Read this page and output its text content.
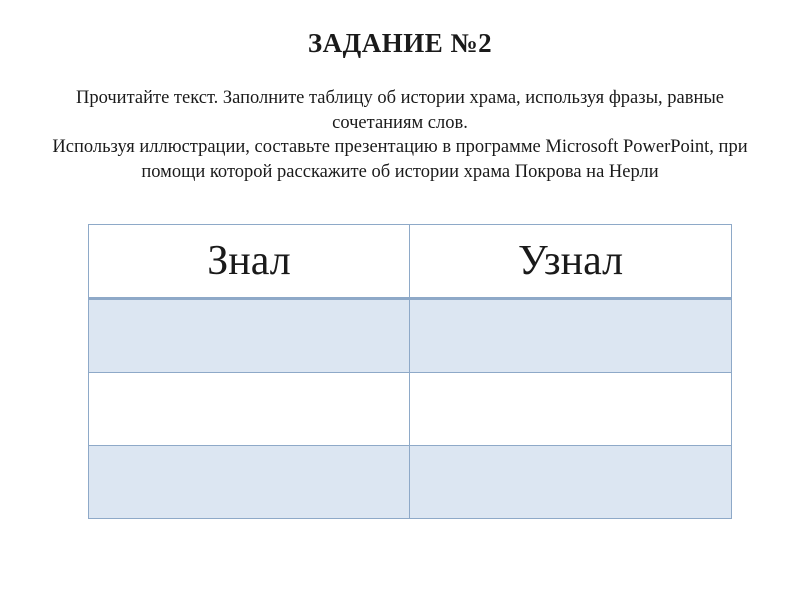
ЗАДАНИЕ №2

Прочитайте текст. Заполните таблицу об истории храма, используя фразы, равные сочетаниям слов.

Используя иллюстрации, составьте презентацию в программе Microsoft PowerPoint, при помощи которой расскажите об истории храма Покрова на Нерли

Знал	Узнал
